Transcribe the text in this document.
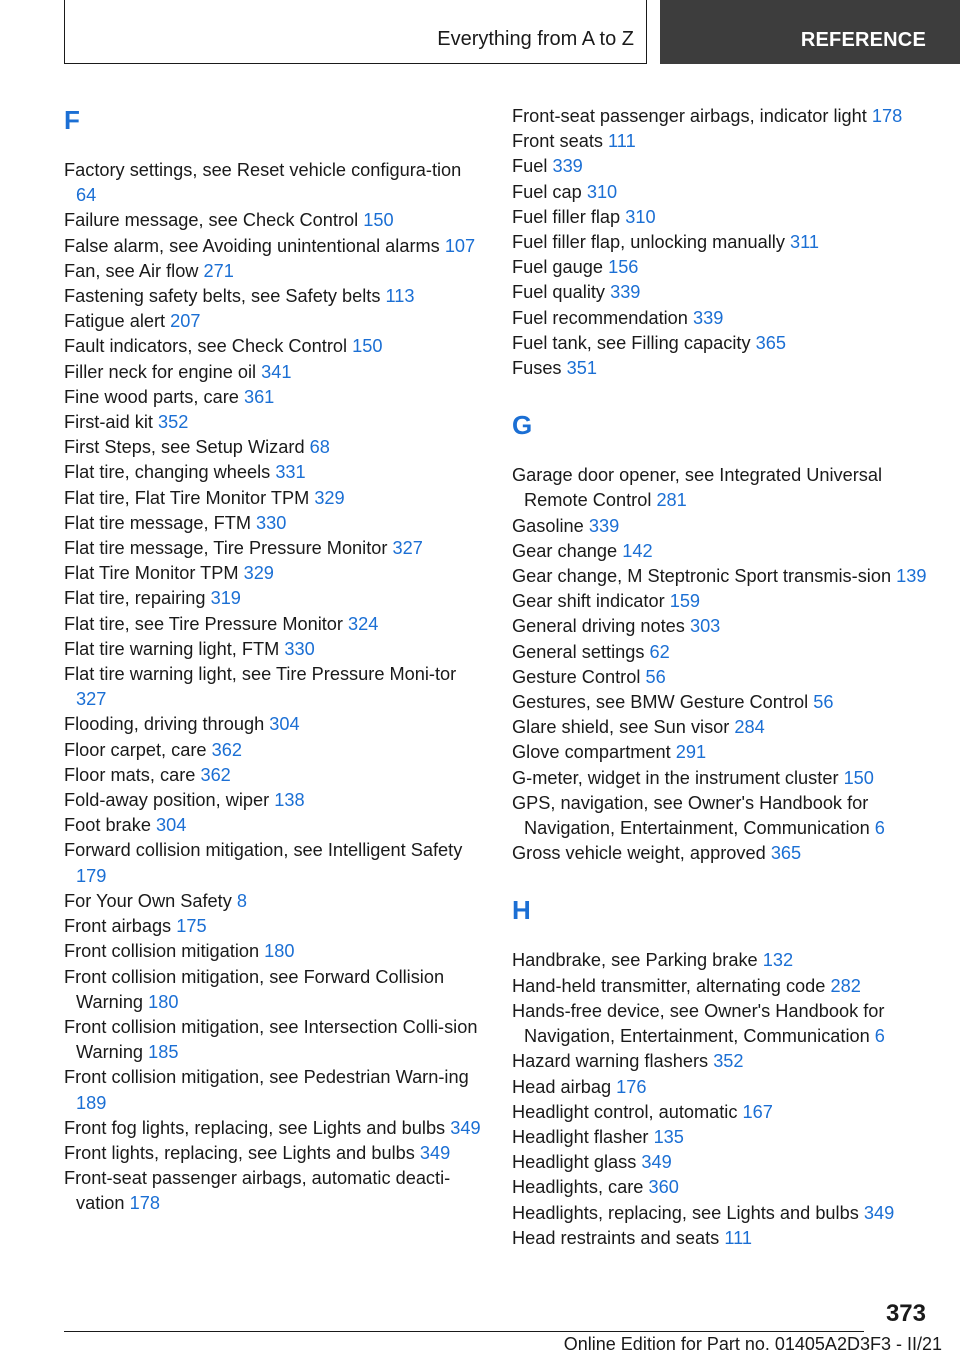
Everything from A to Z	REFERENCE
F
Factory settings, see Reset vehicle configura-tion 64
Failure message, see Check Control 150
False alarm, see Avoiding unintentional alarms 107
Fan, see Air flow 271
Fastening safety belts, see Safety belts 113
Fatigue alert 207
Fault indicators, see Check Control 150
Filler neck for engine oil 341
Fine wood parts, care 361
First-aid kit 352
First Steps, see Setup Wizard 68
Flat tire, changing wheels 331
Flat tire, Flat Tire Monitor TPM 329
Flat tire message, FTM 330
Flat tire message, Tire Pressure Monitor 327
Flat Tire Monitor TPM 329
Flat tire, repairing 319
Flat tire, see Tire Pressure Monitor 324
Flat tire warning light, FTM 330
Flat tire warning light, see Tire Pressure Moni-tor 327
Flooding, driving through 304
Floor carpet, care 362
Floor mats, care 362
Fold-away position, wiper 138
Foot brake 304
Forward collision mitigation, see Intelligent Safety 179
For Your Own Safety 8
Front airbags 175
Front collision mitigation 180
Front collision mitigation, see Forward Collision Warning 180
Front collision mitigation, see Intersection Colli-sion Warning 185
Front collision mitigation, see Pedestrian Warn-ing 189
Front fog lights, replacing, see Lights and bulbs 349
Front lights, replacing, see Lights and bulbs 349
Front-seat passenger airbags, automatic deacti-vation 178
Front-seat passenger airbags, indicator light 178
Front seats 111
Fuel 339
Fuel cap 310
Fuel filler flap 310
Fuel filler flap, unlocking manually 311
Fuel gauge 156
Fuel quality 339
Fuel recommendation 339
Fuel tank, see Filling capacity 365
Fuses 351
G
Garage door opener, see Integrated Universal Remote Control 281
Gasoline 339
Gear change 142
Gear change, M Steptronic Sport transmis-sion 139
Gear shift indicator 159
General driving notes 303
General settings 62
Gesture Control 56
Gestures, see BMW Gesture Control 56
Glare shield, see Sun visor 284
Glove compartment 291
G-meter, widget in the instrument cluster 150
GPS, navigation, see Owner's Handbook for Navigation, Entertainment, Communication 6
Gross vehicle weight, approved 365
H
Handbrake, see Parking brake 132
Hand-held transmitter, alternating code 282
Hands-free device, see Owner's Handbook for Navigation, Entertainment, Communication 6
Hazard warning flashers 352
Head airbag 176
Headlight control, automatic 167
Headlight flasher 135
Headlight glass 349
Headlights, care 360
Headlights, replacing, see Lights and bulbs 349
Head restraints and seats 111
373
Online Edition for Part no. 01405A2D3F3 - II/21
